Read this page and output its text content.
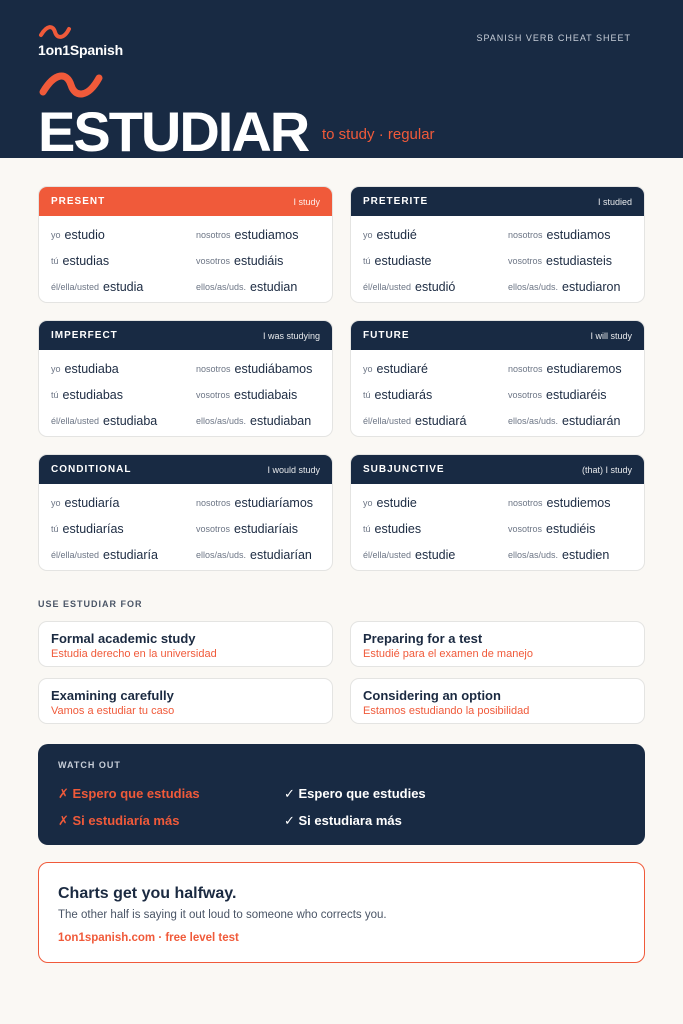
1on1Spanish
SPANISH VERB CHEAT SHEET
ESTUDIAR to study · regular
PRESENT	I study
yo estudio	nosotros estudiamos
tú estudias	vosotros estudiáis
él/ella/usted estudia	ellos/as/uds. estudian
PRETERITE	I studied
yo estudié	nosotros estudiamos
tú estudiaste	vosotros estudiasteis
él/ella/usted estudió	ellos/as/uds. estudiaron
IMPERFECT	I was studying
yo estudiaba	nosotros estudiábamos
tú estudiabas	vosotros estudiabais
él/ella/usted estudiaba	ellos/as/uds. estudiaban
FUTURE	I will study
yo estudiaré	nosotros estudiaremos
tú estudiarás	vosotros estudiaréis
él/ella/usted estudiará	ellos/as/uds. estudiarán
CONDITIONAL	I would study
yo estudiaría	nosotros estudiaríamos
tú estudiarías	vosotros estudiaríais
él/ella/usted estudiaría	ellos/as/uds. estudiarían
SUBJUNCTIVE	(that) I study
yo estudie	nosotros estudiemos
tú estudies	vosotros estudiéis
él/ella/usted estudie	ellos/as/uds. estudien
USE ESTUDIAR FOR
Formal academic study
Estudia derecho en la universidad
Preparing for a test
Estudié para el examen de manejo
Examining carefully
Vamos a estudiar tu caso
Considering an option
Estamos estudiando la posibilidad
WATCH OUT
✗ Espero que estudias	✓ Espero que estudies
✗ Si estudiaría más	✓ Si estudiara más
Charts get you halfway.
The other half is saying it out loud to someone who corrects you.
1on1spanish.com · free level test
